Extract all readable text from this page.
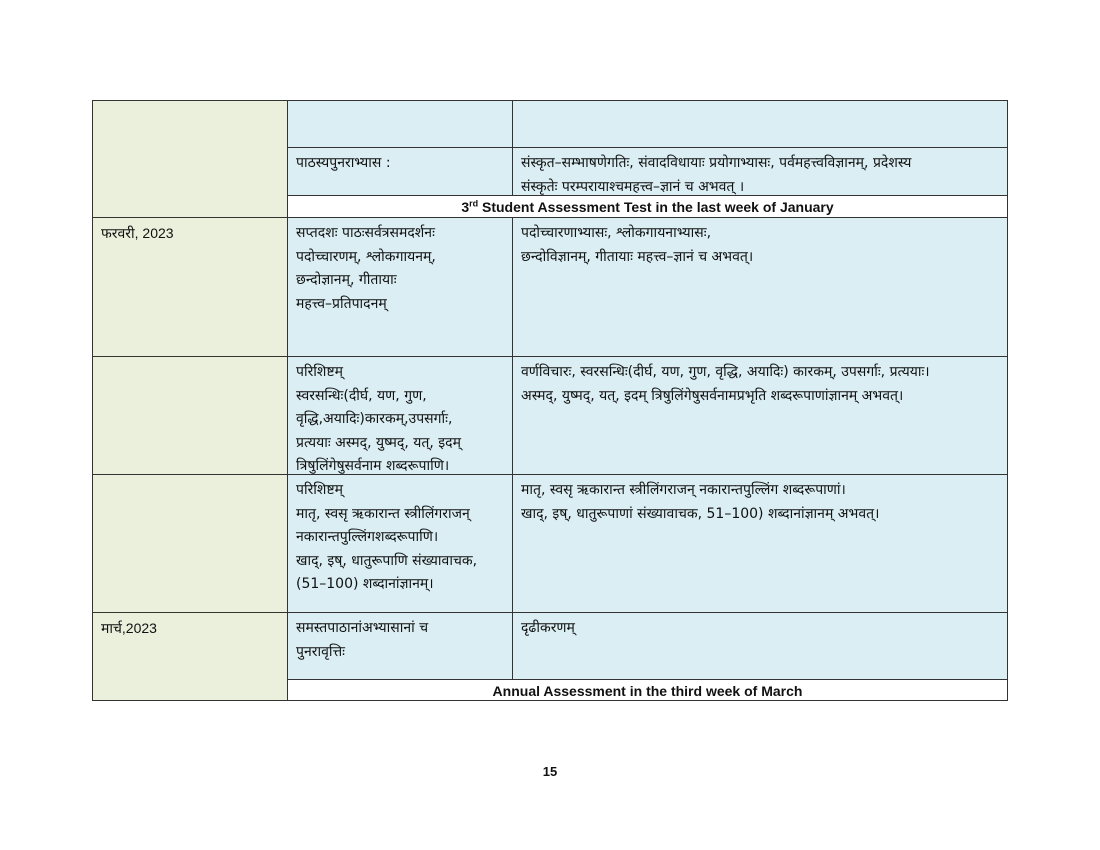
फरवरी, 2023
मार्च,2023
पाठस्यपुनराभ्यास :	संस्कृत–सम्भाषणेगतिः, संवादविधायाः प्रयोगाभ्यासः, पर्वमहत्त्वविज्ञानम्, प्रदेशस्य
संस्कृतेः परम्परायाश्चमहत्त्व–ज्ञानं च अभवत् ।
3rd Student Assessment Test in the last week of January
सप्तदशः पाठःसर्वत्रसमदर्शनः
पदोच्चारणम्, श्लोकगायनम्,
छन्दोज्ञानम्, गीतायाः
महत्त्व–प्रतिपादनम्
पदोच्चारणाभ्यासः, श्लोकगायनाभ्यासः,
छन्दोविज्ञानम्, गीतायाः महत्त्व–ज्ञानं च अभवत्।
परिशिष्टम्
स्वरसन्धिः(दीर्घ, यण, गुण,
वृद्धि,अयादिः)कारकम्,उपसर्गाः,
प्रत्ययाः अस्मद्, युष्मद्, यत्, इदम्
त्रिषुलिंगेषुसर्वनाम शब्दरूपाणि।
वर्णविचारः, स्वरसन्धिः(दीर्घ, यण, गुण, वृद्धि, अयादिः) कारकम्, उपसर्गाः, प्रत्ययाः।
अस्मद्, युष्मद्, यत्, इदम् त्रिषुलिंगेषुसर्वनामप्रभृति शब्दरूपाणांज्ञानम् अभवत्।
परिशिष्टम्
मातृ, स्वसृ ऋकारान्त स्त्रीलिंगराजन्
नकारान्तपुल्लिंगशब्दरूपाणि।
खाद्, इष्, धातुरूपाणि संख्यावाचक,
(51–100) शब्दानांज्ञानम्।
मातृ, स्वसृ ऋकारान्त स्त्रीलिंगराजन् नकारान्तपुल्लिंग शब्दरूपाणां।
खाद्, इष्, धातुरूपाणां संख्यावाचक, 51–100) शब्दानांज्ञानम् अभवत्।
समस्तपाठानांअभ्यासानां च
पुनरावृत्तिः
दृढीकरणम्
Annual Assessment in the third week of March
15
